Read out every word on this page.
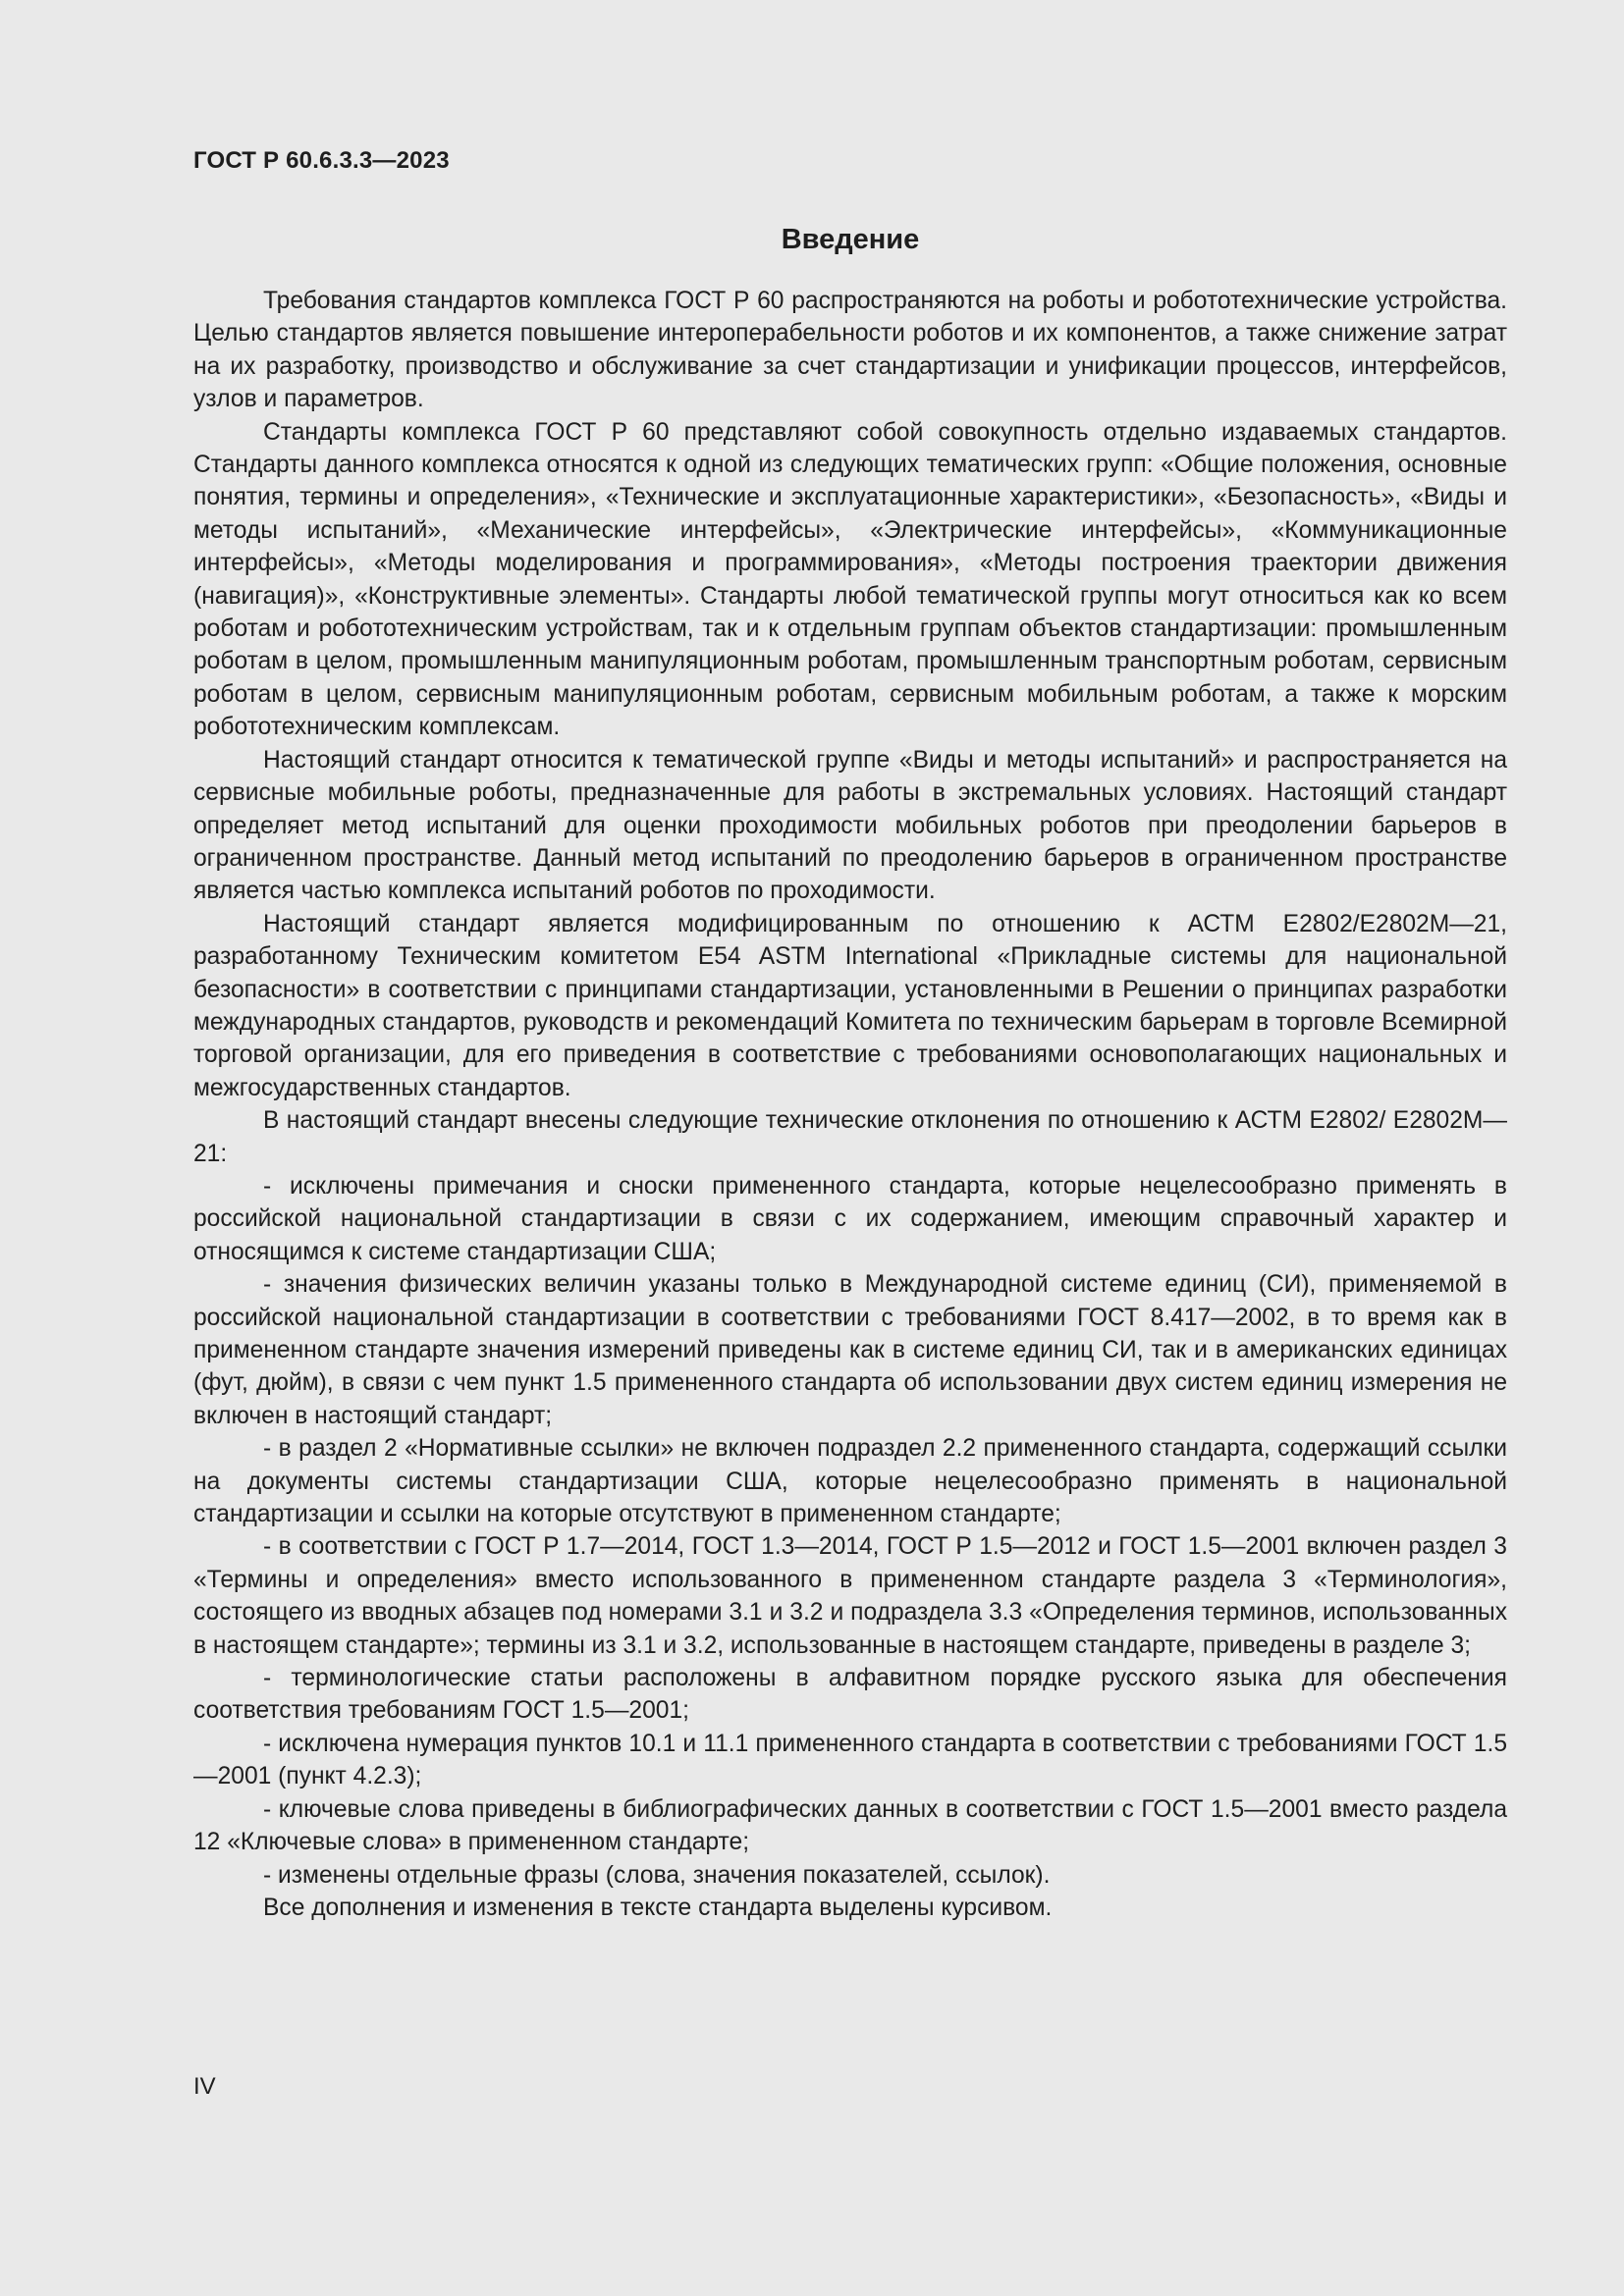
ГОСТ Р 60.6.3.3—2023
Введение

Требования стандартов комплекса ГОСТ Р 60 распространяются на роботы и робототехнические устройства. Целью стандартов является повышение интероперабельности роботов и их компонентов, а также снижение затрат на их разработку, производство и обслуживание за счет стандартизации и унификации процессов, интерфейсов, узлов и параметров.

Стандарты комплекса ГОСТ Р 60 представляют собой совокупность отдельно издаваемых стандартов. Стандарты данного комплекса относятся к одной из следующих тематических групп: «Общие положения, основные понятия, термины и определения», «Технические и эксплуатационные характеристики», «Безопасность», «Виды и методы испытаний», «Механические интерфейсы», «Электрические интерфейсы», «Коммуникационные интерфейсы», «Методы моделирования и программирования», «Методы построения траектории движения (навигация)», «Конструктивные элементы». Стандарты любой тематической группы могут относиться как ко всем роботам и робототехническим устройствам, так и к отдельным группам объектов стандартизации: промышленным роботам в целом, промышленным манипуляционным роботам, промышленным транспортным роботам, сервисным роботам в целом, сервисным манипуляционным роботам, сервисным мобильным роботам, а также к морским робототехническим комплексам.

Настоящий стандарт относится к тематической группе «Виды и методы испытаний» и распространяется на сервисные мобильные роботы, предназначенные для работы в экстремальных условиях. Настоящий стандарт определяет метод испытаний для оценки проходимости мобильных роботов при преодолении барьеров в ограниченном пространстве. Данный метод испытаний по преодолению барьеров в ограниченном пространстве является частью комплекса испытаний роботов по проходимости.

Настоящий стандарт является модифицированным по отношению к АСТМ Е2802/Е2802М—21, разработанному Техническим комитетом E54 ASTM International «Прикладные системы для национальной безопасности» в соответствии с принципами стандартизации, установленными в Решении о принципах разработки международных стандартов, руководств и рекомендаций Комитета по техническим барьерам в торговле Всемирной торговой организации, для его приведения в соответствие с требованиями основополагающих национальных и межгосударственных стандартов.

В настоящий стандарт внесены следующие технические отклонения по отношению к АСТМ Е2802/ Е2802М—21:

- исключены примечания и сноски примененного стандарта, которые нецелесообразно применять в российской национальной стандартизации в связи с их содержанием, имеющим справочный характер и относящимся к системе стандартизации США;

- значения физических величин указаны только в Международной системе единиц (СИ), применяемой в российской национальной стандартизации в соответствии с требованиями ГОСТ 8.417—2002, в то время как в примененном стандарте значения измерений приведены как в системе единиц СИ, так и в американских единицах (фут, дюйм), в связи с чем пункт 1.5 примененного стандарта об использовании двух систем единиц измерения не включен в настоящий стандарт;

- в раздел 2 «Нормативные ссылки» не включен подраздел 2.2 примененного стандарта, содержащий ссылки на документы системы стандартизации США, которые нецелесообразно применять в национальной стандартизации и ссылки на которые отсутствуют в примененном стандарте;

- в соответствии с ГОСТ Р 1.7—2014, ГОСТ 1.3—2014, ГОСТ Р 1.5—2012 и ГОСТ 1.5—2001 включен раздел 3 «Термины и определения» вместо использованного в примененном стандарте раздела 3 «Терминология», состоящего из вводных абзацев под номерами 3.1 и 3.2 и подраздела 3.3 «Определения терминов, использованных в настоящем стандарте»; термины из 3.1 и 3.2, использованные в настоящем стандарте, приведены в разделе 3;

- терминологические статьи расположены в алфавитном порядке русского языка для обеспечения соответствия требованиям ГОСТ 1.5—2001;

- исключена нумерация пунктов 10.1 и 11.1 примененного стандарта в соответствии с требованиями ГОСТ 1.5—2001 (пункт 4.2.3);

- ключевые слова приведены в библиографических данных в соответствии с ГОСТ 1.5—2001 вместо раздела 12 «Ключевые слова» в примененном стандарте;

- изменены отдельные фразы (слова, значения показателей, ссылок).

Все дополнения и изменения в тексте стандарта выделены курсивом.

IV
